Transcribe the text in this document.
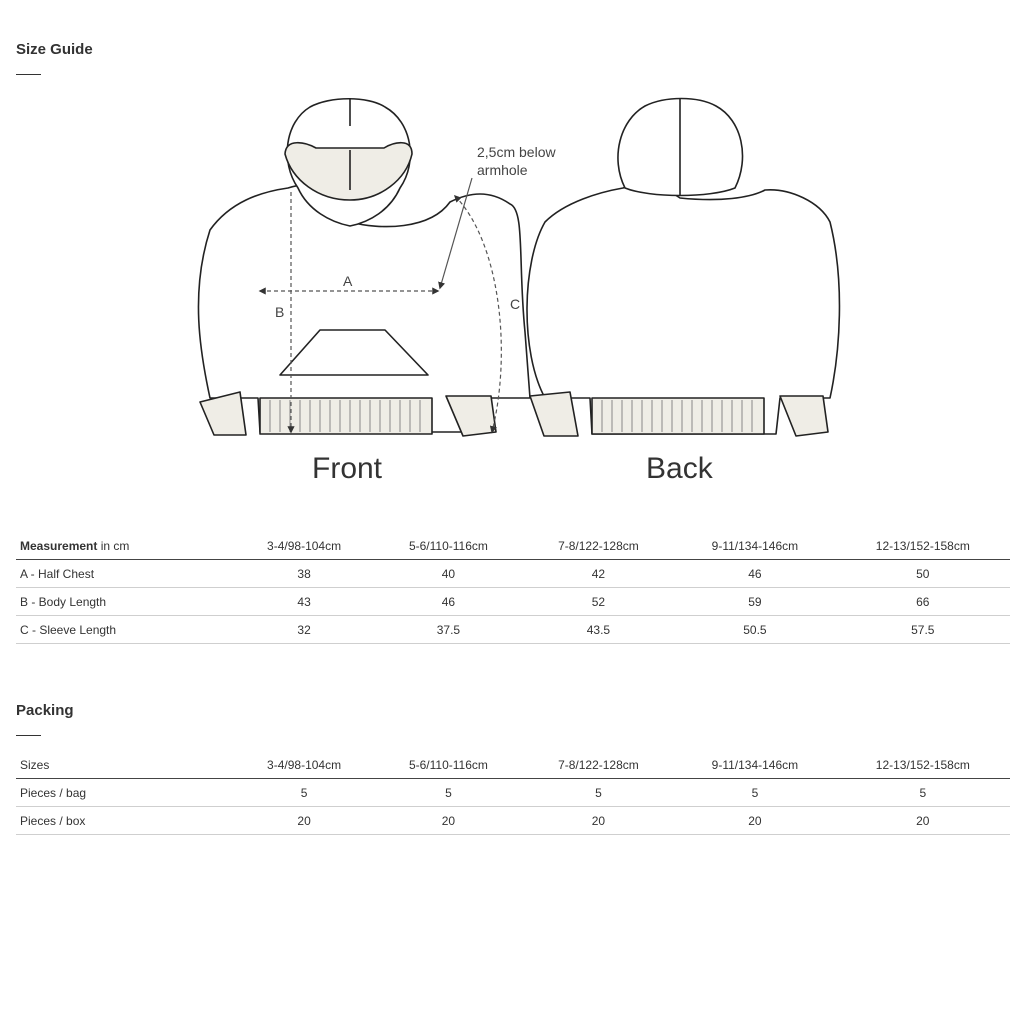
Size Guide
A
B	C
2,5cm below
armhole
Front	Back
Measurement in cm	3-4/98-104cm	5-6/110-116cm	7-8/122-128cm	9-11/134-146cm	12-13/152-158cm
A - Half Chest	38	40	42	46	50
B - Body Length	43	46	52	59	66
C - Sleeve Length	32	37.5	43.5	50.5	57.5
Packing
Sizes	3-4/98-104cm	5-6/110-116cm	7-8/122-128cm	9-11/134-146cm	12-13/152-158cm
Pieces / bag	5	5	5	5	5
Pieces / box	20	20	20	20	20
